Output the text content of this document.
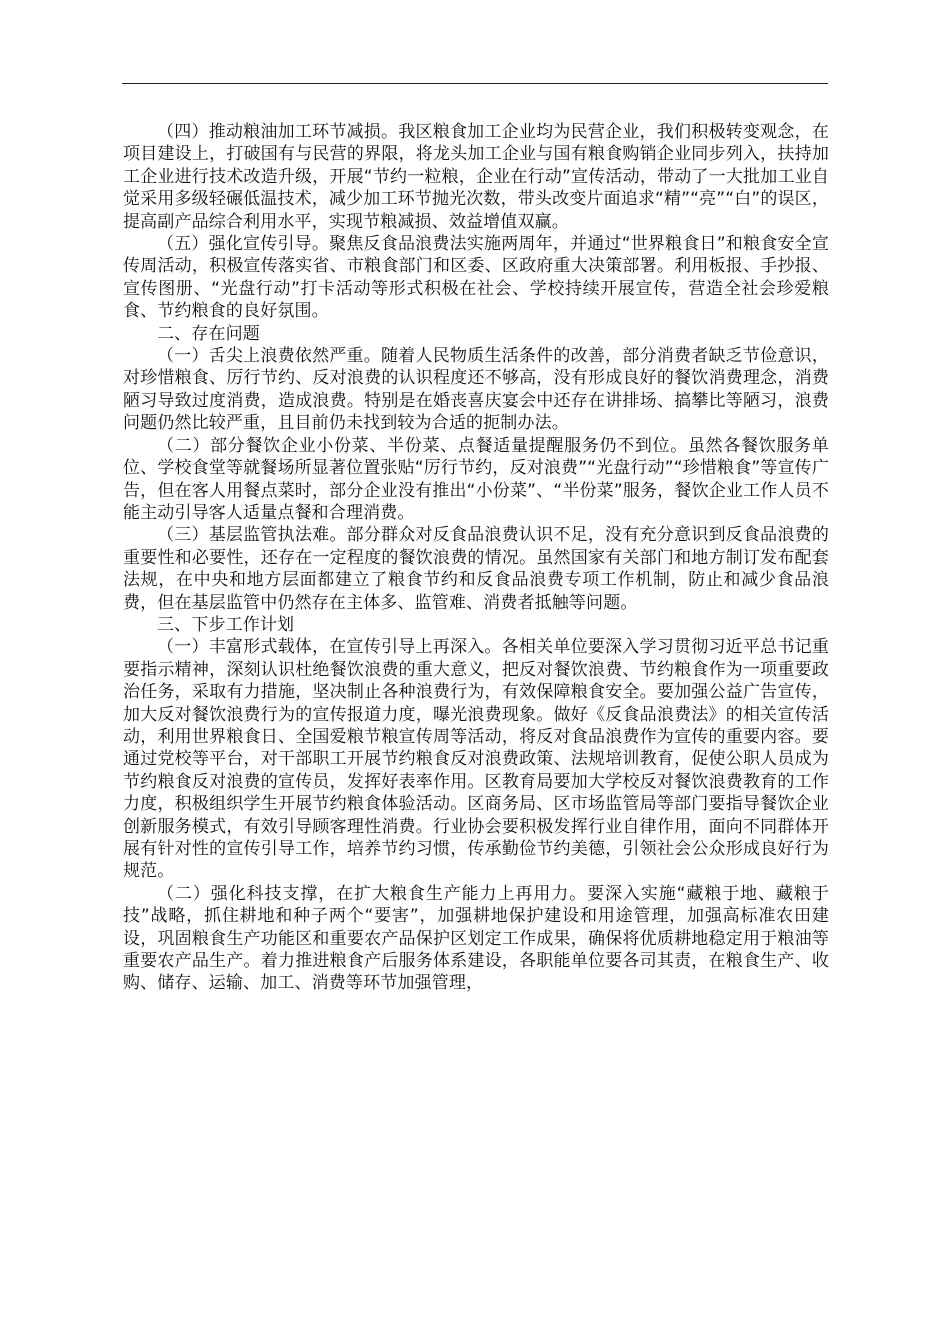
（四）推动粮油加工环节减损。我区粮食加工企业均为民营企业，我们积极转变观念，在项目建设上，打破国有与民营的界限，将龙头加工企业与国有粮食购销企业同步列入，扶持加工企业进行技术改造升级，开展“节约一粒粮，企业在行动”宣传活动，带动了一大批加工业自觉采用多级轻碾低温技术，减少加工环节抛光次数，带头改变片面追求“精”“亮”“白”的误区，提高副产品综合利用水平，实现节粮减损、效益增值双赢。

（五）强化宣传引导。聚焦反食品浪费法实施两周年，并通过“世界粮食日”和粮食安全宣传周活动，积极宣传落实省、市粮食部门和区委、区政府重大决策部署。利用板报、手抄报、宣传图册、“光盘行动”打卡活动等形式积极在社会、学校持续开展宣传，营造全社会珍爱粮食、节约粮食的良好氛围。

二、存在问题

（一）舌尖上浪费依然严重。随着人民物质生活条件的改善，部分消费者缺乏节俭意识，对珍惜粮食、厉行节约、反对浪费的认识程度还不够高，没有形成良好的餐饮消费理念，消费陋习导致过度消费，造成浪费。特别是在婚丧喜庆宴会中还存在讲排场、搞攀比等陋习，浪费问题仍然比较严重，且目前仍未找到较为合适的扼制办法。

（二）部分餐饮企业小份菜、半份菜、点餐适量提醒服务仍不到位。虽然各餐饮服务单位、学校食堂等就餐场所显著位置张贴“厉行节约，反对浪费”“光盘行动”“珍惜粮食”等宣传广告，但在客人用餐点菜时，部分企业没有推出“小份菜”、“半份菜”服务，餐饮企业工作人员不能主动引导客人适量点餐和合理消费。

（三）基层监管执法难。部分群众对反食品浪费认识不足，没有充分意识到反食品浪费的重要性和必要性，还存在一定程度的餐饮浪费的情况。虽然国家有关部门和地方制订发布配套法规，在中央和地方层面都建立了粮食节约和反食品浪费专项工作机制，防止和减少食品浪费，但在基层监管中仍然存在主体多、监管难、消费者抵触等问题。

三、下步工作计划

（一）丰富形式载体，在宣传引导上再深入。各相关单位要深入学习贯彻习近平总书记重要指示精神，深刻认识杜绝餐饮浪费的重大意义，把反对餐饮浪费、节约粮食作为一项重要政治任务，采取有力措施，坚决制止各种浪费行为，有效保障粮食安全。要加强公益广告宣传，加大反对餐饮浪费行为的宣传报道力度，曝光浪费现象。做好《反食品浪费法》的相关宣传活动，利用世界粮食日、全国爱粮节粮宣传周等活动，将反对食品浪费作为宣传的重要内容。要通过党校等平台，对干部职工开展节约粮食反对浪费政策、法规培训教育，促使公职人员成为节约粮食反对浪费的宣传员，发挥好表率作用。区教育局要加大学校反对餐饮浪费教育的工作力度，积极组织学生开展节约粮食体验活动。区商务局、区市场监管局等部门要指导餐饮企业创新服务模式，有效引导顾客理性消费。行业协会要积极发挥行业自律作用，面向不同群体开展有针对性的宣传引导工作，培养节约习惯，传承勤俭节约美德，引领社会公众形成良好行为规范。

（二）强化科技支撑，在扩大粮食生产能力上再用力。要深入实施“藏粮于地、藏粮于技”战略，抓住耕地和种子两个“要害”，加强耕地保护建设和用途管理，加强高标准农田建设，巩固粮食生产功能区和重要农产品保护区划定工作成果，确保将优质耕地稳定用于粮油等重要农产品生产。着力推进粮食产后服务体系建设，各职能单位要各司其责，在粮食生产、收购、储存、运输、加工、消费等环节加强管理，
